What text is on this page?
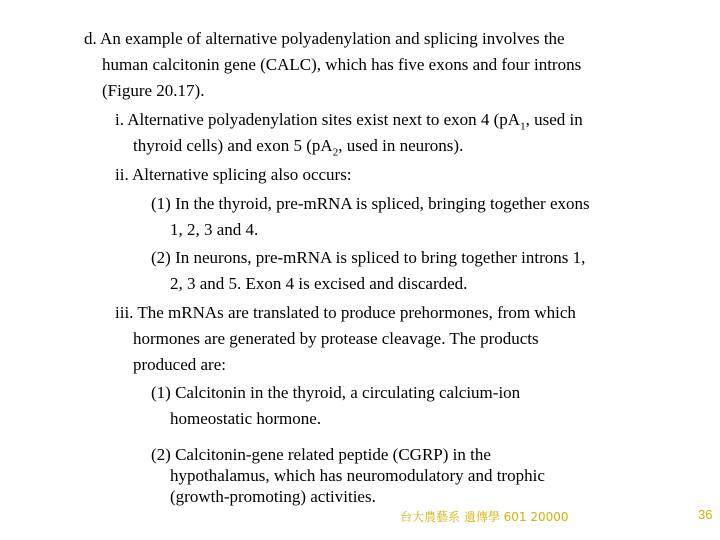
d. An example of alternative polyadenylation and splicing involves the

human calcitonin gene (CALC), which has five exons and four introns

(Figure 20.17).

i. Alternative polyadenylation sites exist next to exon 4 ($pA_1$, used in

thyroid cells) and exon 5 ($pA_2$, used in neurons).

ii. Alternative splicing also occurs:

(1) In the thyroid, pre-mRNA is spliced, bringing together exons

1, 2, 3 and 4.

(2) In neurons, pre-mRNA is spliced to bring together introns 1,

2, 3 and 5. Exon 4 is excised and discarded.

iii. The mRNAs are translated to produce prehormones, from which

hormones are generated by protease cleavage. The products

produced are:

(1) Calcitonin in the thyroid, a circulating calcium-ion

homeostatic hormone.

(2) Calcitonin-gene related peptide (CGRP) in the

hypothalamus, which has neuromodulatory and trophic

(growth-promoting) activities.

台大農藝系 遺傳學 601 20000	36
